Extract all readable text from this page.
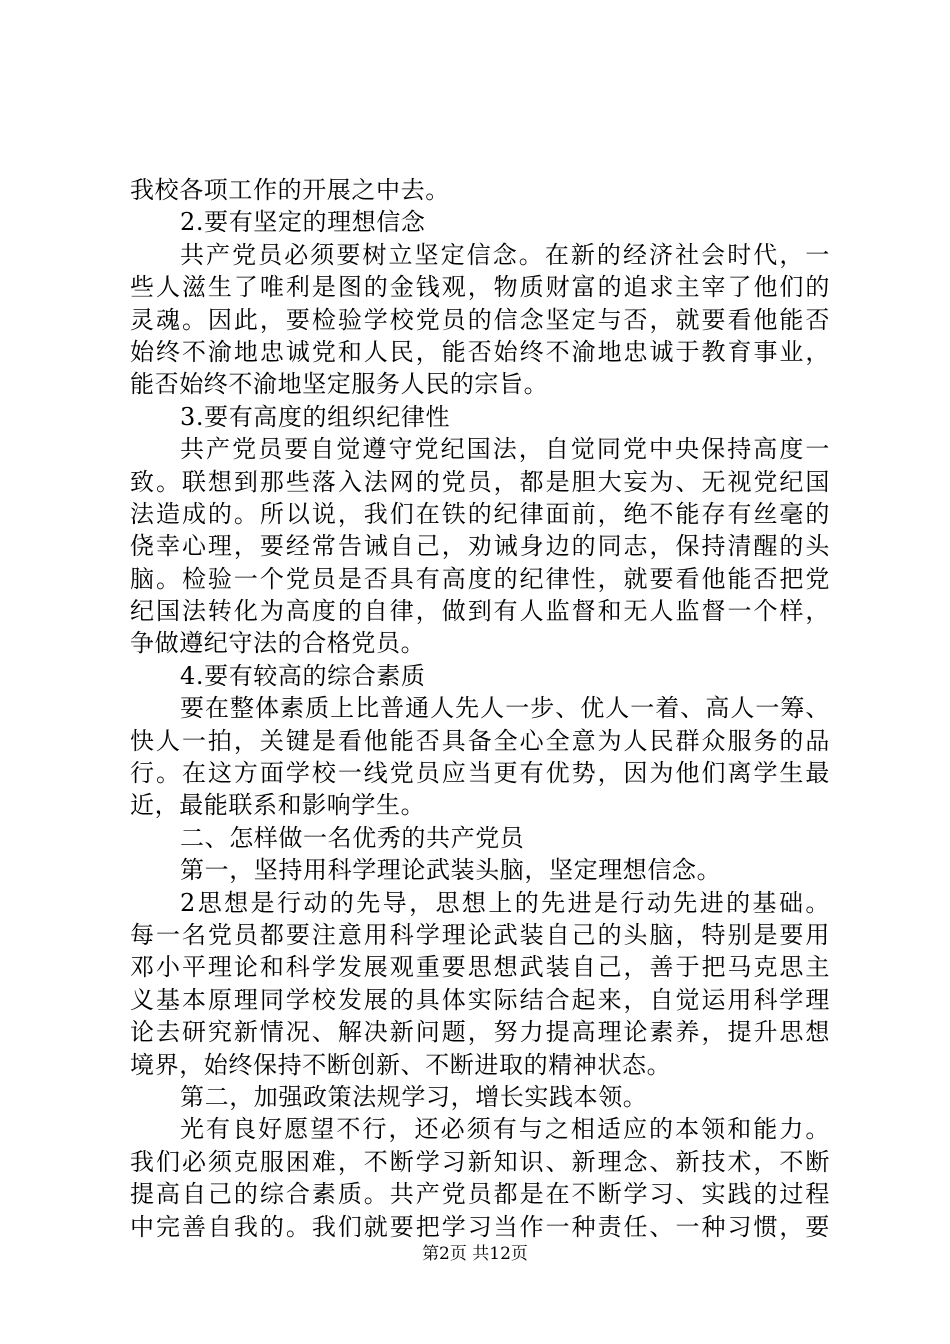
我校各项工作的开展之中去。
2.要有坚定的理想信念
共产党员必须要树立坚定信念。在新的经济社会时代，一
些人滋生了唯利是图的金钱观，物质财富的追求主宰了他们的
灵魂。因此，要检验学校党员的信念坚定与否，就要看他能否
始终不渝地忠诚党和人民，能否始终不渝地忠诚于教育事业，
能否始终不渝地坚定服务人民的宗旨。
3.要有高度的组织纪律性
共产党员要自觉遵守党纪国法，自觉同党中央保持高度一
致。联想到那些落入法网的党员，都是胆大妄为、无视党纪国
法造成的。所以说，我们在铁的纪律面前，绝不能存有丝毫的
侥幸心理，要经常告诫自己，劝诫身边的同志，保持清醒的头
脑。检验一个党员是否具有高度的纪律性，就要看他能否把党
纪国法转化为高度的自律，做到有人监督和无人监督一个样，
争做遵纪守法的合格党员。
4.要有较高的综合素质
要在整体素质上比普通人先人一步、优人一着、高人一筹、
快人一拍，关键是看他能否具备全心全意为人民群众服务的品
行。在这方面学校一线党员应当更有优势，因为他们离学生最
近，最能联系和影响学生。
二、怎样做一名优秀的共产党员
第一，坚持用科学理论武装头脑，坚定理想信念。
2思想是行动的先导，思想上的先进是行动先进的基础。
每一名党员都要注意用科学理论武装自己的头脑，特别是要用
邓小平理论和科学发展观重要思想武装自己，善于把马克思主
义基本原理同学校发展的具体实际结合起来，自觉运用科学理
论去研究新情况、解决新问题，努力提高理论素养，提升思想
境界，始终保持不断创新、不断进取的精神状态。
第二，加强政策法规学习，增长实践本领。
光有良好愿望不行，还必须有与之相适应的本领和能力。
我们必须克服困难，不断学习新知识、新理念、新技术，不断
提高自己的综合素质。共产党员都是在不断学习、实践的过程
中完善自我的。我们就要把学习当作一种责任、一种习惯，要
第2页 共12页
